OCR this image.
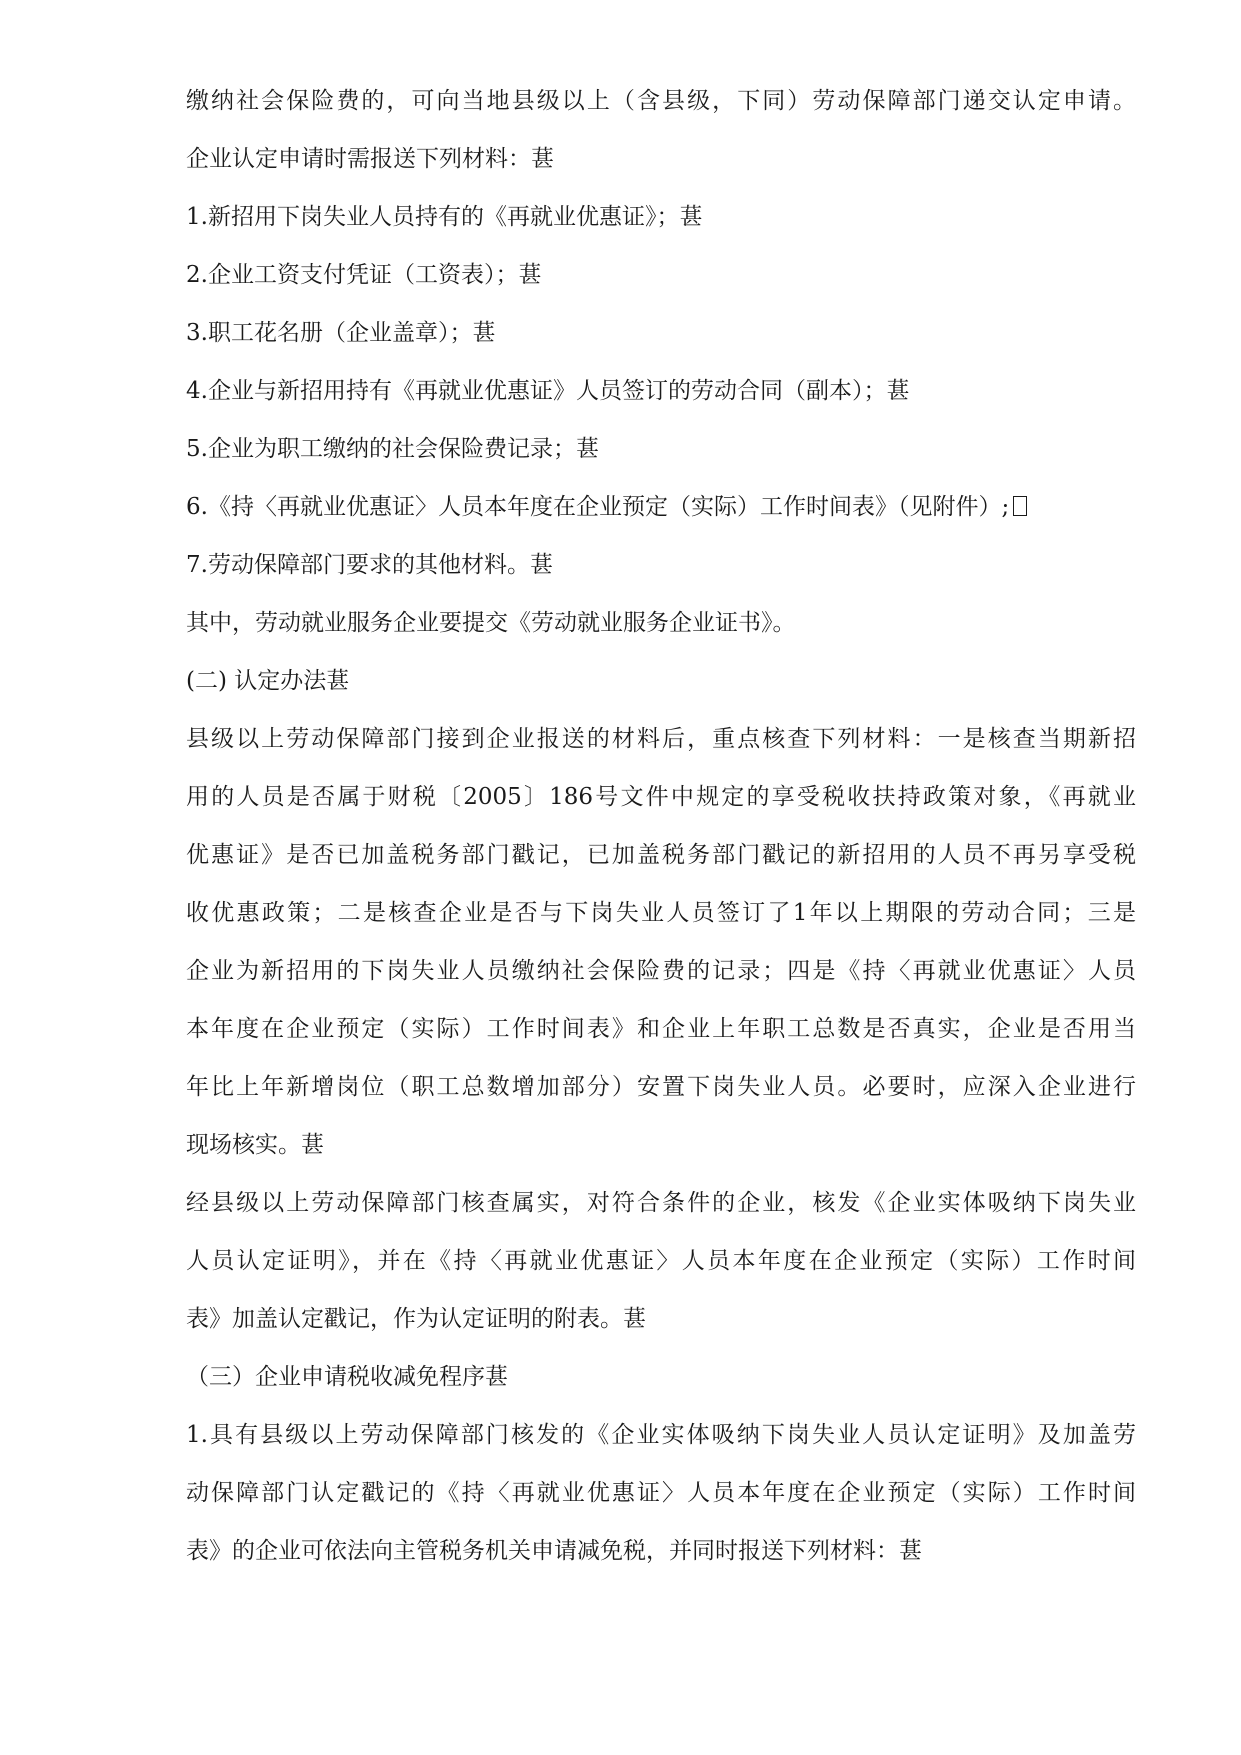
缴纳社会保险费的，可向当地县级以上（含县级，下同）劳动保障部门递交认定申请。

企业认定申请时需报送下列材料：葚

1.新招用下岗失业人员持有的《再就业优惠证》；葚

2.企业工资支付凭证（工资表）；葚

3.职工花名册（企业盖章）；葚

4.企业与新招用持有《再就业优惠证》人员签订的劳动合同（副本）；葚

5.企业为职工缴纳的社会保险费记录；葚

6.《持〈再就业优惠证〉人员本年度在企业预定（实际）工作时间表》（见附件）;

7.劳动保障部门要求的其他材料。葚

其中，劳动就业服务企业要提交《劳动就业服务企业证书》。

(二) 认定办法葚

县级以上劳动保障部门接到企业报送的材料后，重点核查下列材料：一是核查当期新招

用的人员是否属于财税〔2005〕186号文件中规定的享受税收扶持政策对象，《再就业

优惠证》是否已加盖税务部门戳记，已加盖税务部门戳记的新招用的人员不再另享受税

收优惠政策；二是核查企业是否与下岗失业人员签订了1年以上期限的劳动合同；三是

企业为新招用的下岗失业人员缴纳社会保险费的记录；四是《持〈再就业优惠证〉人员

本年度在企业预定（实际）工作时间表》和企业上年职工总数是否真实，企业是否用当

年比上年新增岗位（职工总数增加部分）安置下岗失业人员。必要时，应深入企业进行

现场核实。葚

经县级以上劳动保障部门核查属实，对符合条件的企业，核发《企业实体吸纳下岗失业

人员认定证明》，并在《持〈再就业优惠证〉人员本年度在企业预定（实际）工作时间

表》加盖认定戳记，作为认定证明的附表。葚

（三）企业申请税收减免程序葚

1.具有县级以上劳动保障部门核发的《企业实体吸纳下岗失业人员认定证明》及加盖劳

动保障部门认定戳记的《持〈再就业优惠证〉人员本年度在企业预定（实际）工作时间

表》的企业可依法向主管税务机关申请减免税，并同时报送下列材料：葚
